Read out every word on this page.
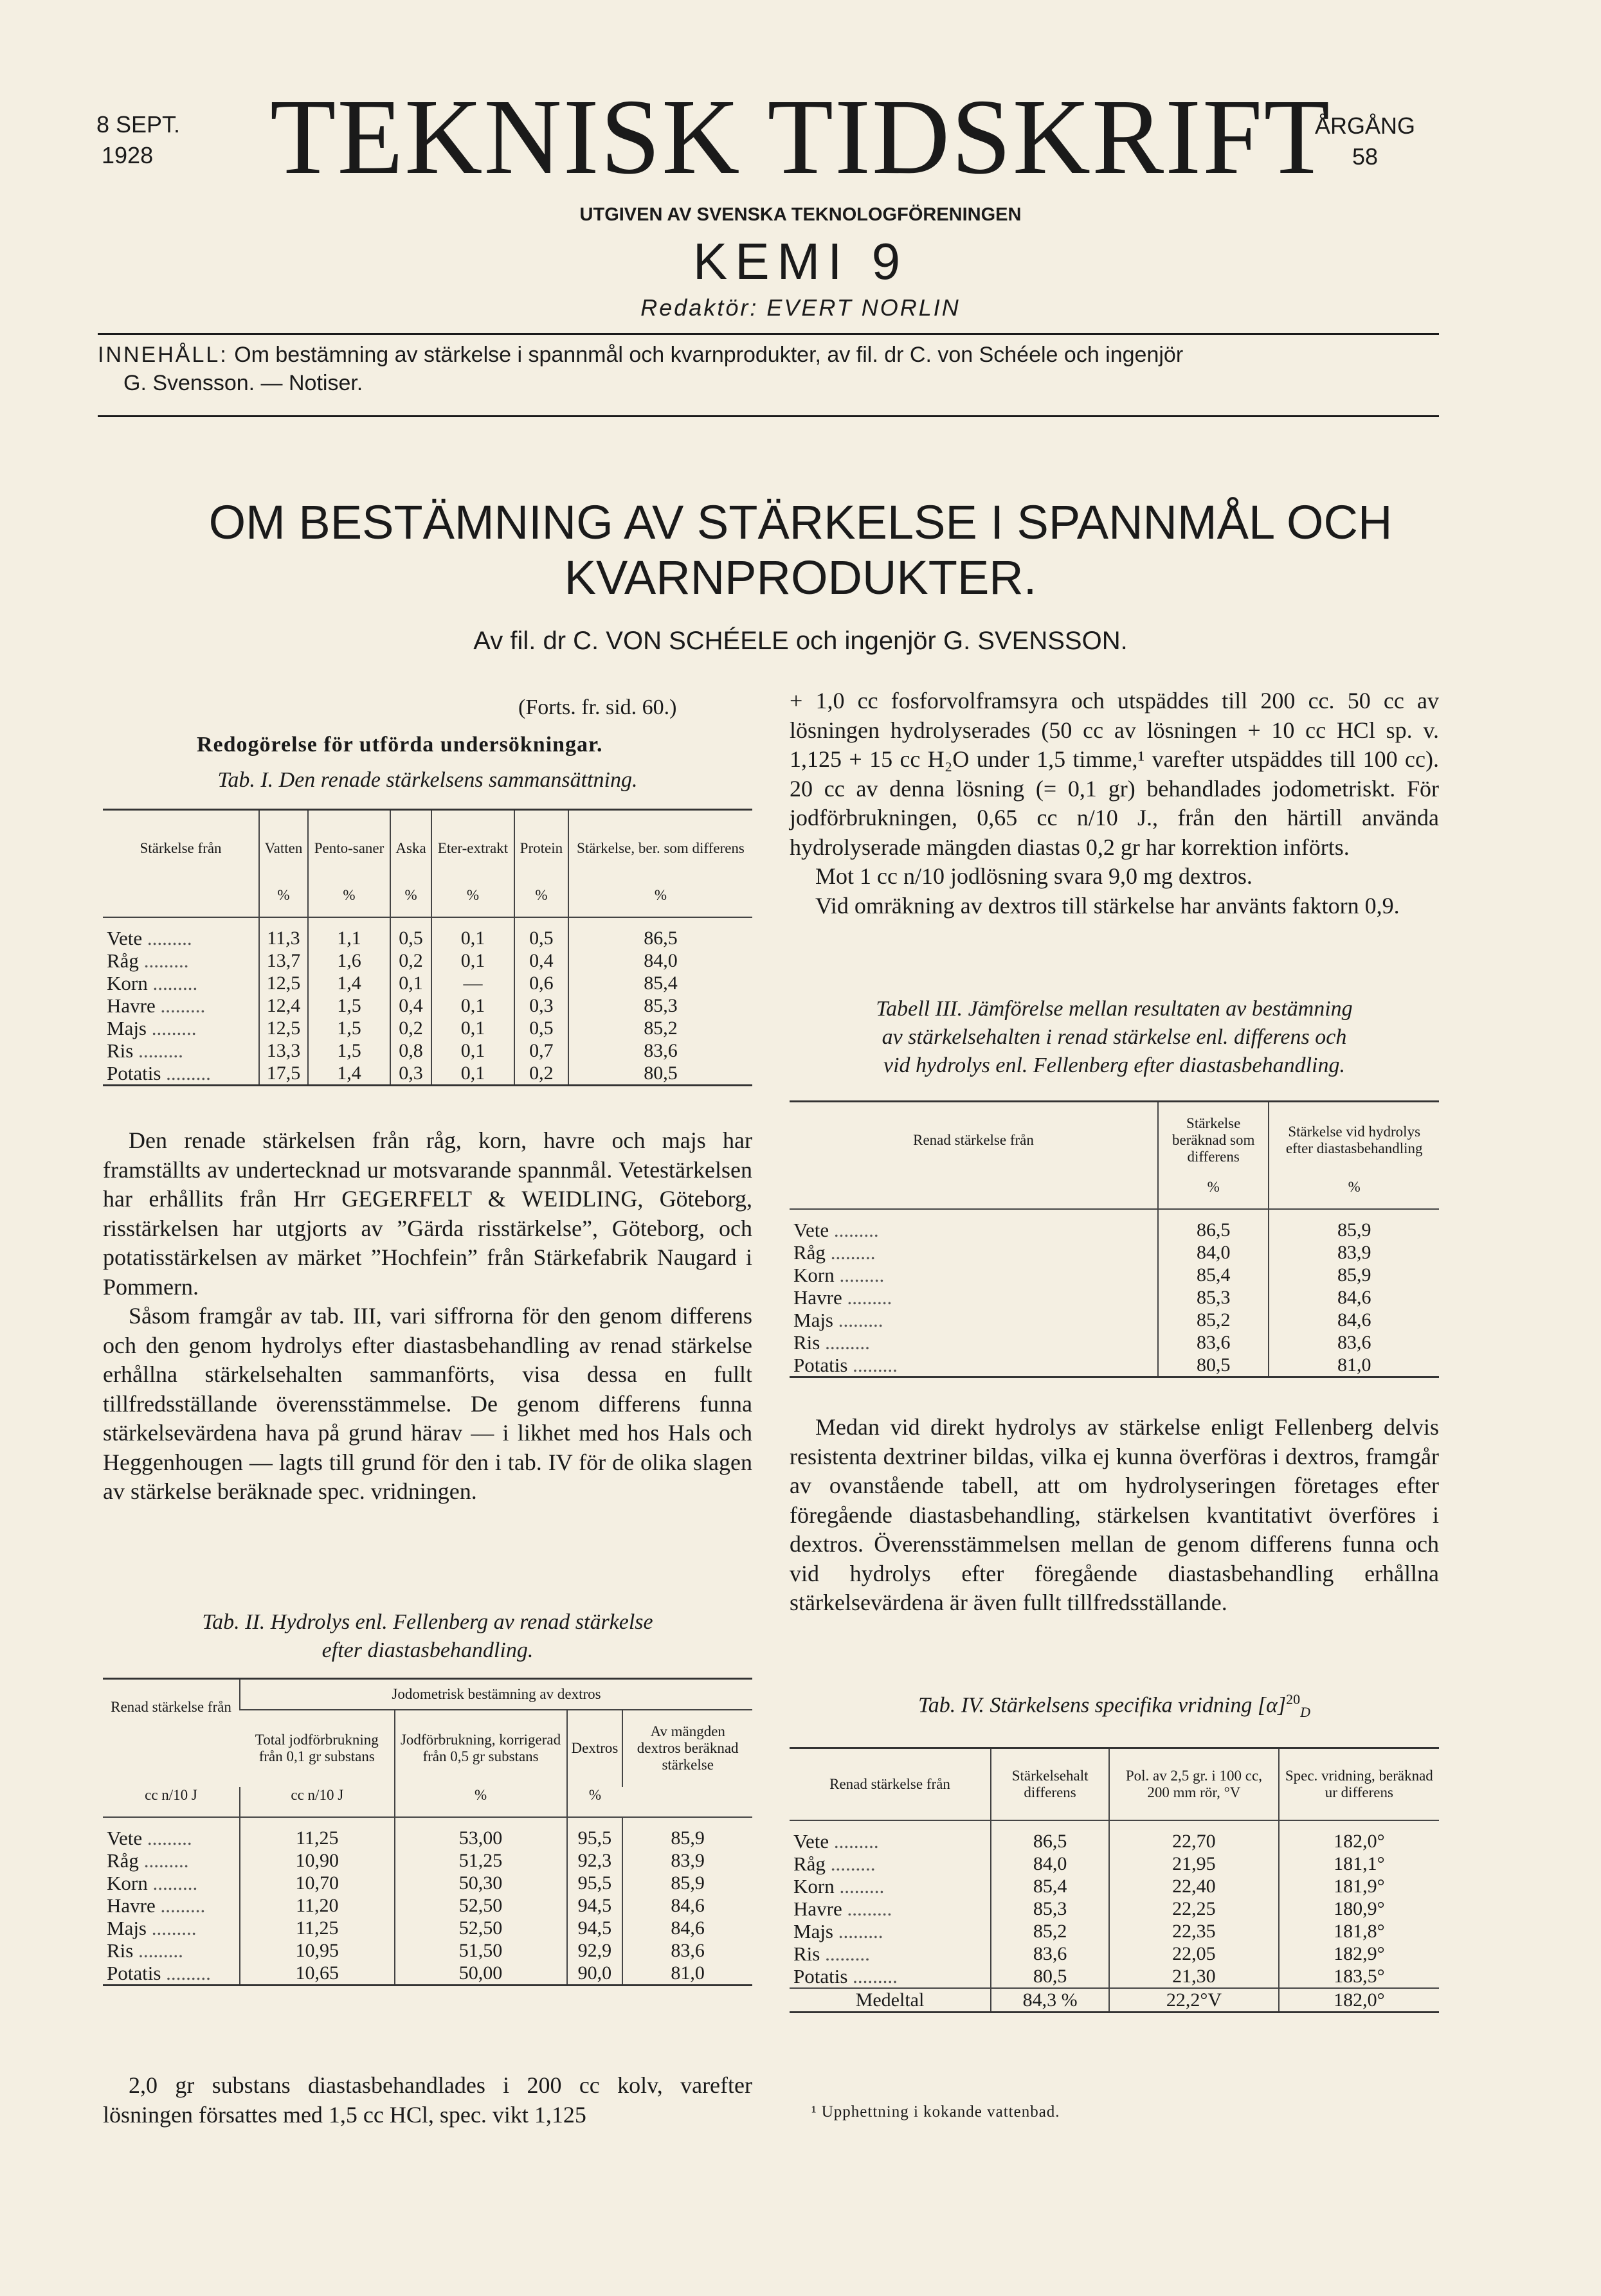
8 SEPT.
1928	TEKNISK TIDSKRIFT
ÅRGÅNG
58
UTGIVEN AV SVENSKA TEKNOLOGFÖRENINGEN
KEMI 9
Redaktör: EVERT NORLIN
INNEHÅLL: Om bestämning av stärkelse i spannmål och kvarnprodukter, av fil. dr C. von Schéele och ingenjör
G. Svensson. — Notiser.
OM BESTÄMNING AV STÄRKELSE I SPANNMÅL OCH
KVARNPRODUKTER.
Av fil. dr C. VON SCHÉELE och ingenjör G. SVENSSON.
(Forts. fr. sid. 60.)
Redogörelse för utförda undersökningar.
Tab. I. Den renade stärkelsens sammansättning.
Stärkelse från	Vatten	Pento-saner	Aska	Eter-extrakt	Protein	Stärkelse, ber. som differens
	%	%	%	%	%	%
Vete .........	11,3	1,1	0,5	0,1	0,5	86,5
Råg .........	13,7	1,6	0,2	0,1	0,4	84,0
Korn .........	12,5	1,4	0,1	—	0,6	85,4
Havre .........	12,4	1,5	0,4	0,1	0,3	85,3
Majs .........	12,5	1,5	0,2	0,1	0,5	85,2
Ris .........	13,3	1,5	0,8	0,1	0,7	83,6
Potatis .........	17,5	1,4	0,3	0,1	0,2	80,5

Den renade stärkelsen från råg, korn, havre och majs har framställts av undertecknad ur motsvarande spannmål. Vetestärkelsen har erhållits från Hrr GEGERFELT & WEIDLING, Göteborg, risstärkelsen har utgjorts av ”Gärda risstärkelse”, Göteborg, och potatisstärkelsen av märket ”Hochfein” från Stärkefabrik Naugard i Pommern.

Såsom framgår av tab. III, vari siffrorna för den genom differens och den genom hydrolys efter diastasbehandling av renad stärkelse erhållna stärkelsehalten sammanförts, visa dessa en fullt tillfredsställande överensstämmelse. De genom differens funna stärkelsevärdena hava på grund härav — i likhet med hos Hals och Heggenhougen — lagts till grund för den i tab. IV för de olika slagen av stärkelse beräknade spec. vridningen.

Tab. II. Hydrolys enl. Fellenberg av renad stärkelse
efter diastasbehandling.
Renad stärkelse från	Jodometrisk bestämning av dextros			
	Total jodförbrukning från 0,1 gr substans	Jodförbrukning, korrigerad från 0,5 gr substans	Dextros	Av mängden dextros beräknad stärkelse
cc n/10 J	cc n/10 J	%	%	
Vete .........	11,25	53,00	95,5	85,9
Råg .........	10,90	51,25	92,3	83,9
Korn .........	10,70	50,30	95,5	85,9
Havre .........	11,20	52,50	94,5	84,6
Majs .........	11,25	52,50	94,5	84,6
Ris .........	10,95	51,50	92,9	83,6
Potatis .........	10,65	50,00	90,0	81,0

2,0 gr substans diastasbehandlades i 200 cc kolv, varefter lösningen försattes med 1,5 cc HCl, spec. vikt 1,125

+ 1,0 cc fosforvolframsyra och utspäddes till 200 cc. 50 cc av lösningen hydrolyserades (50 cc av lösningen + 10 cc HCl sp. v. 1,125 + 15 cc H₂O under 1,5 timme,¹ varefter utspäddes till 100 cc). 20 cc av denna lösning (= 0,1 gr) behandlades jodometriskt. För jodförbrukningen, 0,65 cc n/10 J., från den härtill använda hydrolyserade mängden diastas 0,2 gr har korrektion införts.

Mot 1 cc n/10 jodlösning svara 9,0 mg dextros.

Vid omräkning av dextros till stärkelse har använts faktorn 0,9.

Tabell III. Jämförelse mellan resultaten av bestämning
av stärkelsehalten i renad stärkelse enl. differens och
vid hydrolys enl. Fellenberg efter diastasbehandling.
Renad stärkelse från	Stärkelse beräknad som differens	Stärkelse vid hydrolys efter diastasbehandling
	%	%
Vete .........	86,5	85,9
Råg .........	84,0	83,9
Korn .........	85,4	85,9
Havre .........	85,3	84,6
Majs .........	85,2	84,6
Ris .........	83,6	83,6
Potatis .........	80,5	81,0

Medan vid direkt hydrolys av stärkelse enligt Fellenberg delvis resistenta dextriner bildas, vilka ej kunna överföras i dextros, framgår av ovanstående tabell, att om hydrolyseringen företages efter föregående diastasbehandling, stärkelsen kvantitativt överföres i dextros. Överensstämmelsen mellan de genom differens funna och vid hydrolys efter föregående diastasbehandling erhållna stärkelsevärdena är även fullt tillfredsställande.

Tab. IV. Stärkelsens specifika vridning $[\alpha]^{20}_D$
Renad stärkelse från	Stärkelsehalt differens	Pol. av 2,5 gr. i 100 cc, 200 mm rör, °V	Spec. vridning, beräknad ur differens
Vete .........	86,5	22,70	182,0°
Råg .........	84,0	21,95	181,1°
Korn .........	85,4	22,40	181,9°
Havre .........	85,3	22,25	180,9°
Majs .........	85,2	22,35	181,8°
Ris .........	83,6	22,05	182,9°
Potatis .........	80,5	21,30	183,5°
Medeltal	84,3 %	22,2°V	182,0°
¹ Upphettning i kokande vattenbad.
